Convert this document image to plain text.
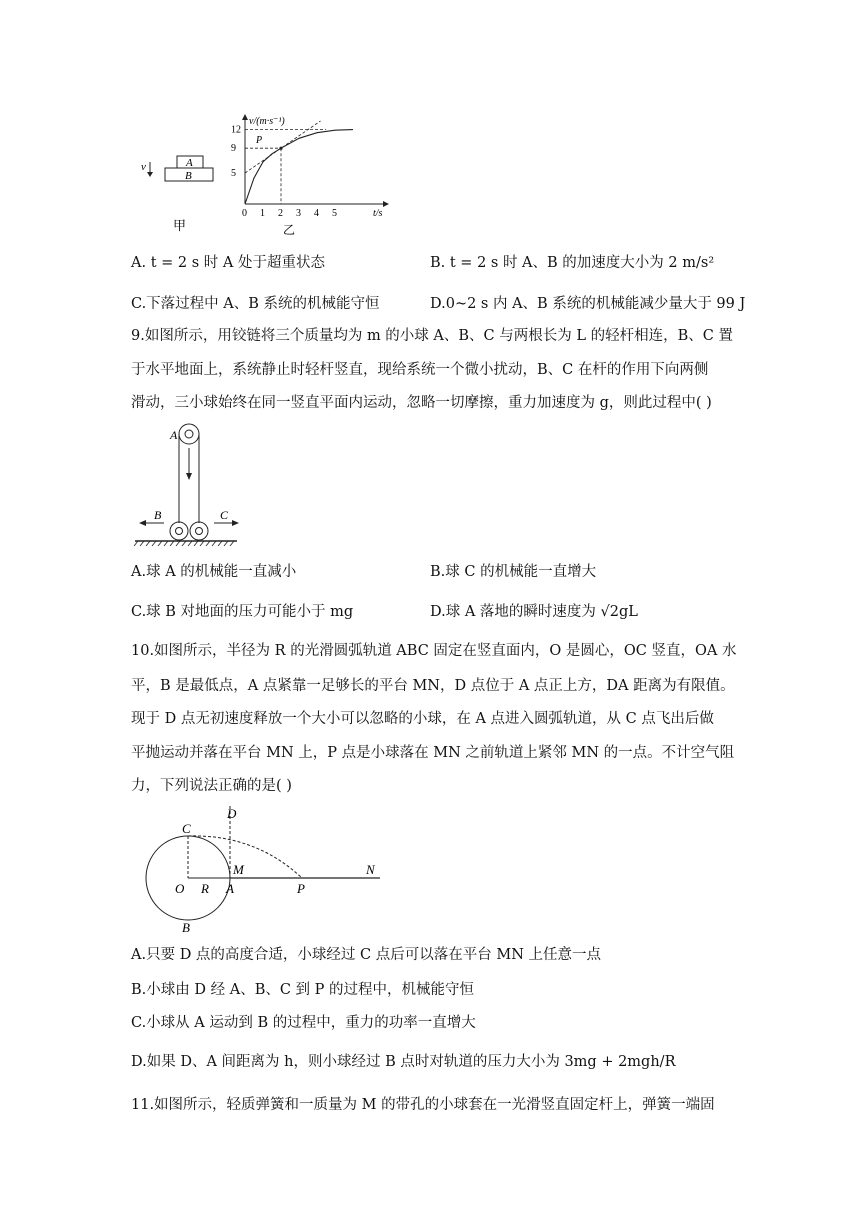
v	A
B
甲
v/(m·s⁻¹)
t/s
P
乙
0 1 2 3 4 5
5
9
12
A. t = 2 s 时 A 处于超重状态	B. t = 2 s 时 A、B 的加速度大小为 2 m/s²
C.下落过程中 A、B 系统的机械能守恒	D.0~2 s 内 A、B 系统的机械能减少量大于 99 J
9.如图所示，用铰链将三个质量均为 m 的小球 A、B、C 与两根长为 L 的轻杆相连，B、C 置
于水平地面上，系统静止时轻杆竖直，现给系统一个微小扰动，B、C 在杆的作用下向两侧
滑动，三小球始终在同一竖直平面内运动，忽略一切摩擦，重力加速度为 g，则此过程中( )
A
B	C
A.球 A 的机械能一直减小	B.球 C 的机械能一直增大
C.球 B 对地面的压力可能小于 mg	D.球 A 落地的瞬时速度为 √2gL
10.如图所示，半径为 R 的光滑圆弧轨道 ABC 固定在竖直面内，O 是圆心，OC 竖直，OA 水
平，B 是最低点，A 点紧靠一足够长的平台 MN，D 点位于 A 点正上方，DA 距离为有限值。
现于 D 点无初速度释放一个大小可以忽略的小球，在 A 点进入圆弧轨道，从 C 点飞出后做
平抛运动并落在平台 MN 上，P 点是小球落在 MN 之前轨道上紧邻 MN 的一点。不计空气阻
力，下列说法正确的是( )
C
D
M	N
O R A	P
B
A.只要 D 点的高度合适，小球经过 C 点后可以落在平台 MN 上任意一点
B.小球由 D 经 A、B、C 到 P 的过程中，机械能守恒
C.小球从 A 运动到 B 的过程中，重力的功率一直增大
D.如果 D、A 间距离为 h，则小球经过 B 点时对轨道的压力大小为 3mg + 2mgh/R
11.如图所示，轻质弹簧和一质量为 M 的带孔的小球套在一光滑竖直固定杆上，弹簧一端固
